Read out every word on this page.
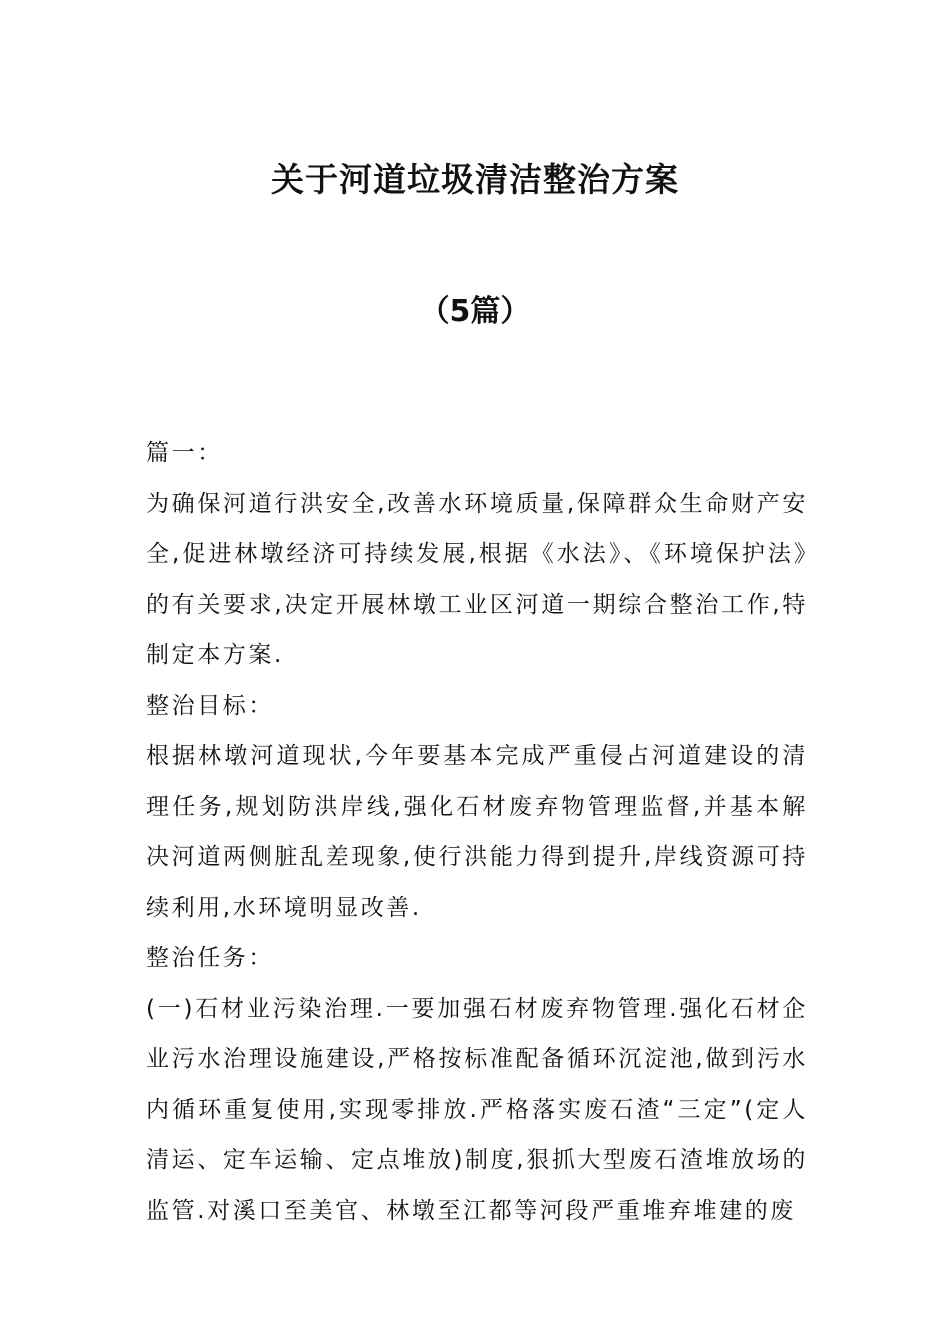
关于河道垃圾清洁整治方案
（5篇）

篇一：

为确保河道行洪安全,改善水环境质量,保障群众生命财产安全,促进林墩经济可持续发展,根据《水法》、《环境保护法》的有关要求,决定开展林墩工业区河道一期综合整治工作,特制定本方案.

整治目标：

根据林墩河道现状,今年要基本完成严重侵占河道建设的清理任务,规划防洪岸线,强化石材废弃物管理监督,并基本解决河道两侧脏乱差现象,使行洪能力得到提升,岸线资源可持续利用,水环境明显改善.

整治任务：

(一)石材业污染治理.一要加强石材废弃物管理.强化石材企业污水治理设施建设,严格按标准配备循环沉淀池,做到污水内循环重复使用,实现零排放.严格落实废石渣“三定”(定人清运、定车运输、定点堆放)制度,狠抓大型废石渣堆放场的监管.对溪口至美官、林墩至江都等河段严重堆弃堆建的废
